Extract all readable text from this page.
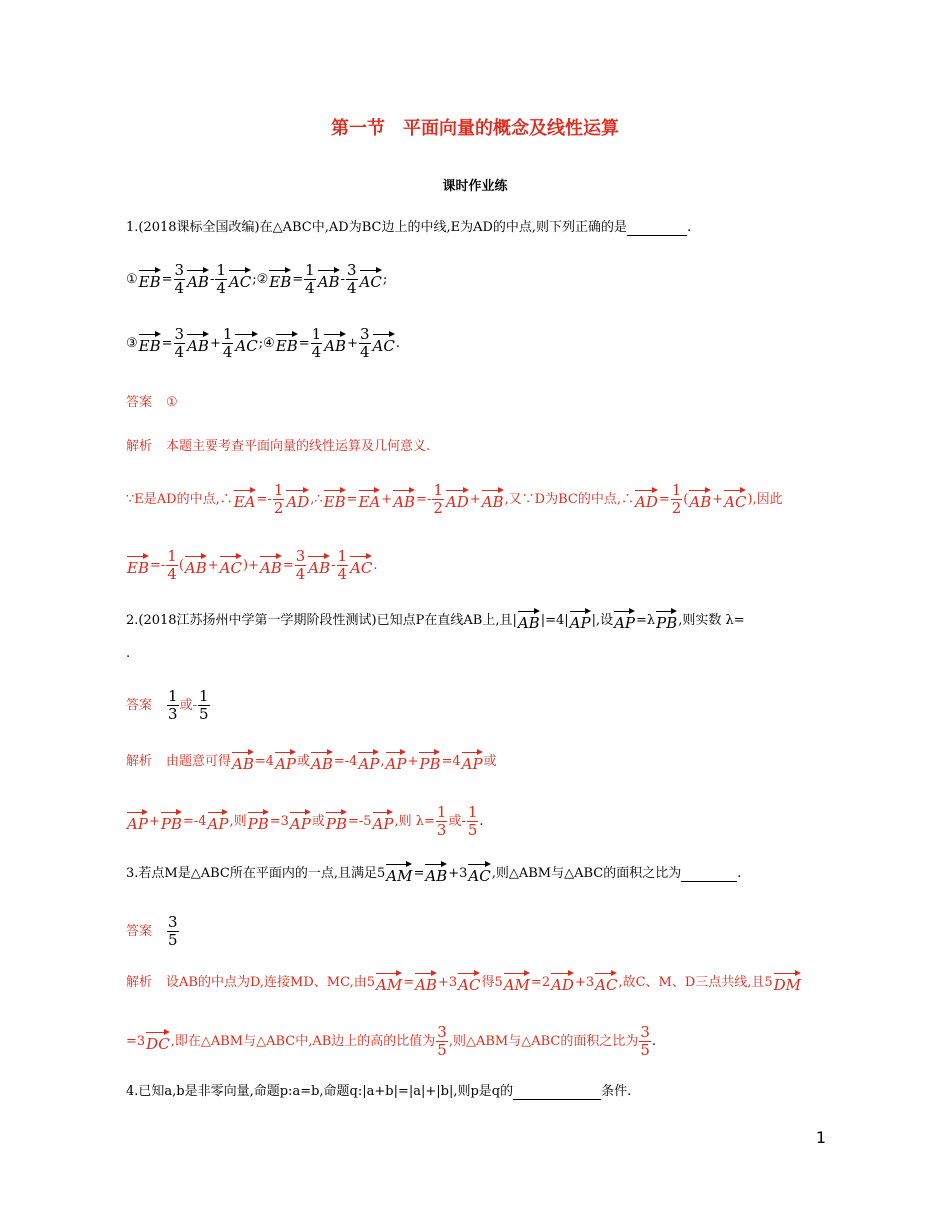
第一节　平面向量的概念及线性运算
课时作业练
1.(2018课标全国改编)在△ABC中,AD为BC边上的中线,E为AD的中点,则下列正确的是	.
① EB = $\frac{3}{4}$ AB - $\frac{1}{4}$ AC ;② EB = $\frac{1}{4}$ AB - $\frac{3}{4}$ AC ;
③ EB = $\frac{3}{4}$ AB + $\frac{1}{4}$ AC ;④ EB = $\frac{1}{4}$ AB + $\frac{3}{4}$ AC .
答案 ①
解析 本题主要考查平面向量的线性运算及几何意义.
∵E是AD的中点,∴ EA =- $\frac{1}{2}$ AD ,∴ EB = EA + AB =- $\frac{1}{2}$ AD + AB ,又∵D为BC的中点,∴ AD = $\frac{1}{2}$ ( AB + AC ) ,因此
EB =- $\frac{1}{4}$ ( AB + AC )+ AB = $\frac{3}{4}$ AB - $\frac{1}{4}$ AC .
2.(2018江苏扬州中学第一学期阶段性测试)已知点P在直线AB上,且| AB |=4| AP |,设 AP =λ PB ,则实数 λ=
.
答案 $\frac{1}{3}$ 或 - $\frac{1}{5}$
解析 由题意可得 AB =4 AP 或 AB =-4 AP , AP + PB =4 AP 或
AP + PB =-4 AP ,则 PB =3 AP 或 PB =-5 AP ,则 $\lambda= \frac{1}{3}$ 或 - $\frac{1}{5}$ .
3.若点M是△ABC所在平面内的一点,且满足5 AM = AB +3 AC ,则△ABM与△ABC的面积之比为	.
答案 $\frac{3}{5}$
解析 设AB的中点为D,连接MD、MC,由5 AM = AB +3 AC 得5 AM =2 AD +3 AC ,故C、M、D三点共线,且5 DM
=3 DC ,即在△ABM与△ABC中,AB边上的高的比值为 $\frac{3}{5}$ ,则△ABM与△ABC的面积之比为 $\frac{3}{5}$ .
4.已知a,b是非零向量,命题p:a=b,命题q:|a+b|=|a|+|b|,则p是q的	条件.
1
